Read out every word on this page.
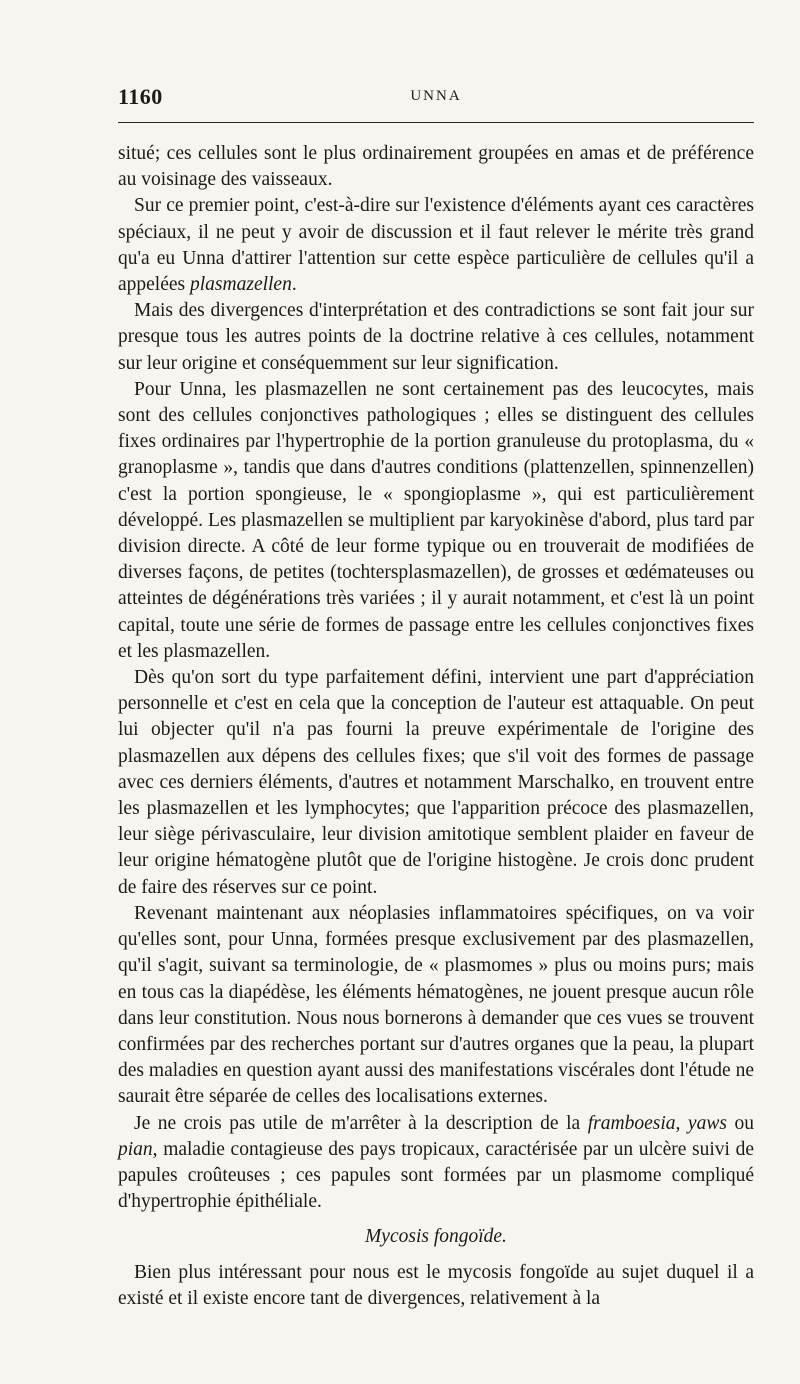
1160	UNNA

situé; ces cellules sont le plus ordinairement groupées en amas et de préférence au voisinage des vaisseaux.

Sur ce premier point, c'est-à-dire sur l'existence d'éléments ayant ces caractères spéciaux, il ne peut y avoir de discussion et il faut relever le mérite très grand qu'a eu Unna d'attirer l'attention sur cette espèce particulière de cellules qu'il a appelées plasmazellen.

Mais des divergences d'interprétation et des contradictions se sont fait jour sur presque tous les autres points de la doctrine relative à ces cellules, notamment sur leur origine et conséquemment sur leur signification.

Pour Unna, les plasmazellen ne sont certainement pas des leucocytes, mais sont des cellules conjonctives pathologiques ; elles se distinguent des cellules fixes ordinaires par l'hypertrophie de la portion granuleuse du protoplasma, du « granoplasme », tandis que dans d'autres conditions (plattenzellen, spinnenzellen) c'est la portion spongieuse, le « spongioplasme », qui est particulièrement développé. Les plasmazellen se multiplient par karyokinèse d'abord, plus tard par division directe. A côté de leur forme typique ou en trouverait de modifiées de diverses façons, de petites (tochtersplasmazellen), de grosses et œdémateuses ou atteintes de dégénérations très variées ; il y aurait notamment, et c'est là un point capital, toute une série de formes de passage entre les cellules conjonctives fixes et les plasmazellen.

Dès qu'on sort du type parfaitement défini, intervient une part d'appréciation personnelle et c'est en cela que la conception de l'auteur est attaquable. On peut lui objecter qu'il n'a pas fourni la preuve expérimentale de l'origine des plasmazellen aux dépens des cellules fixes; que s'il voit des formes de passage avec ces derniers éléments, d'autres et notamment Marschalko, en trouvent entre les plasmazellen et les lymphocytes; que l'apparition précoce des plasmazellen, leur siège périvasculaire, leur division amitotique semblent plaider en faveur de leur origine hématogène plutôt que de l'origine histogène. Je crois donc prudent de faire des réserves sur ce point.

Revenant maintenant aux néoplasies inflammatoires spécifiques, on va voir qu'elles sont, pour Unna, formées presque exclusivement par des plasmazellen, qu'il s'agit, suivant sa terminologie, de « plasmomes » plus ou moins purs; mais en tous cas la diapédèse, les éléments hématogènes, ne jouent presque aucun rôle dans leur constitution. Nous nous bornerons à demander que ces vues se trouvent confirmées par des recherches portant sur d'autres organes que la peau, la plupart des maladies en question ayant aussi des manifestations viscérales dont l'étude ne saurait être séparée de celles des localisations externes.

Je ne crois pas utile de m'arrêter à la description de la framboesia, yaws ou pian, maladie contagieuse des pays tropicaux, caractérisée par un ulcère suivi de papules croûteuses ; ces papules sont formées par un plasmome compliqué d'hypertrophie épithéliale.

Mycosis fongoïde.

Bien plus intéressant pour nous est le mycosis fongoïde au sujet duquel il a existé et il existe encore tant de divergences, relativement à la
